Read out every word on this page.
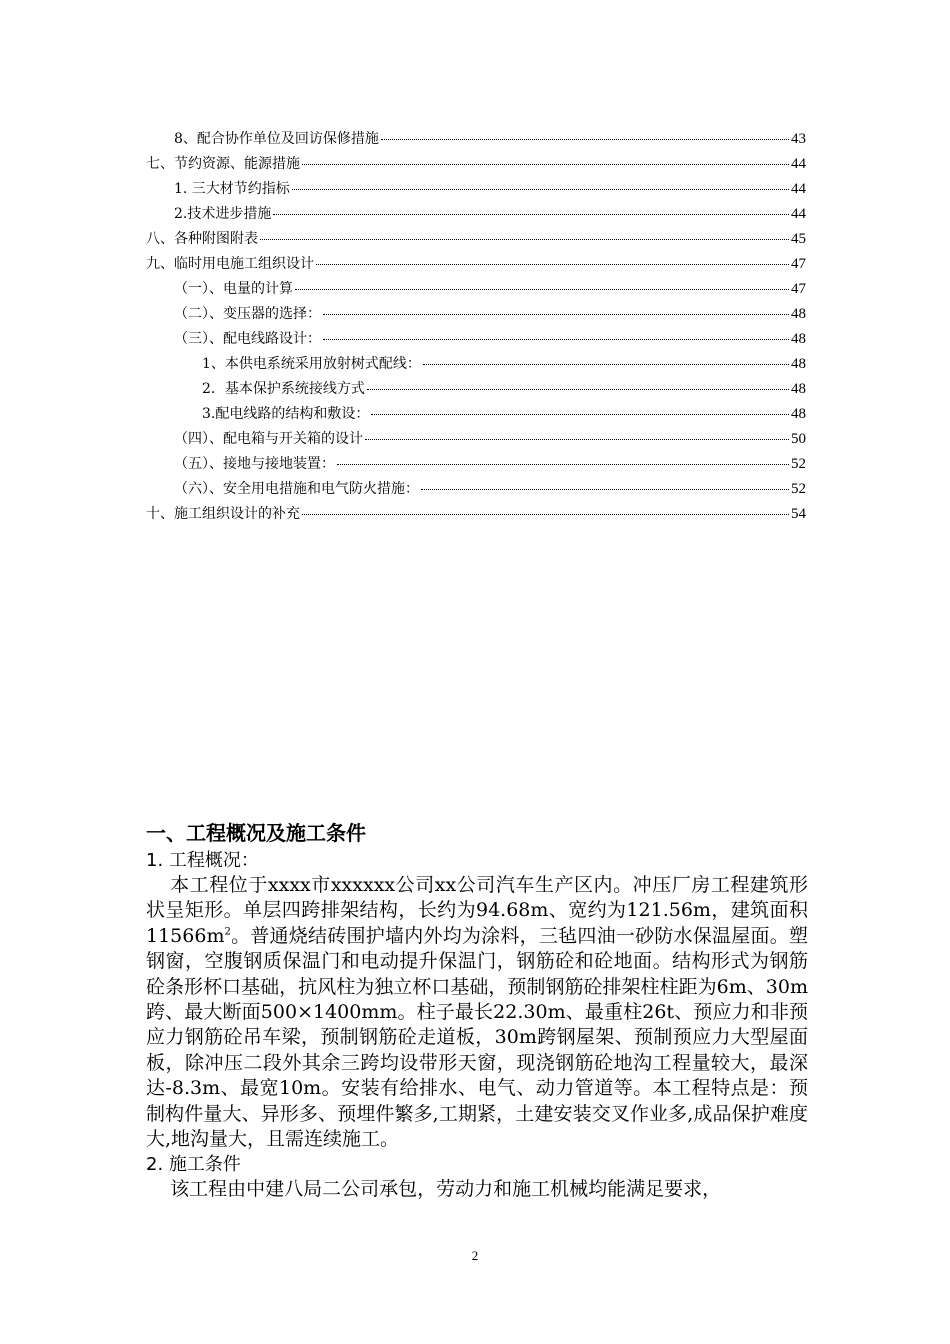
8、配合协作单位及回访保修措施	43
七、节约资源、能源措施	44
1. 三大材节约指标	44
2.技术进步措施	44
八、各种附图附表	45
九、临时用电施工组织设计	47
（一）、电量的计算	47
（二）、变压器的选择：	48
（三）、配电线路设计：	48
1、本供电系统采用放射树式配线：	48
2．基本保护系统接线方式	48
3.配电线路的结构和敷设：	48
（四）、配电箱与开关箱的设计	50
（五）、接地与接地装置：	52
（六）、安全用电措施和电气防火措施：	52
十、施工组织设计的补充	54
一、工程概况及施工条件
1. 工程概况：

本工程位于xxxx市xxxxxx公司xx公司汽车生产区内。冲压厂房工程建筑形状呈矩形。单层四跨排架结构，长约为94.68m、宽约为121.56m，建筑面积$11566m^2$。普通烧结砖围护墙内外均为涂料，三毡四油一砂防水保温屋面。塑钢窗，空腹钢质保温门和电动提升保温门，钢筋砼和砼地面。结构形式为钢筋砼条形杯口基础，抗风柱为独立杯口基础，预制钢筋砼排架柱柱距为6m、30m跨、最大断面500×1400mm。柱子最长22.30m、最重柱26t、预应力和非预应力钢筋砼吊车梁，预制钢筋砼走道板，30m跨钢屋架、预制预应力大型屋面板，除冲压二段外其余三跨均设带形天窗，现浇钢筋砼地沟工程量较大，最深达-8.3m、最宽10m。安装有给排水、电气、动力管道等。本工程特点是：预制构件量大、异形多、预埋件繁多,工期紧，土建安装交叉作业多,成品保护难度大,地沟量大，且需连续施工。

2. 施工条件

该工程由中建八局二公司承包，劳动力和施工机械均能满足要求，

2
